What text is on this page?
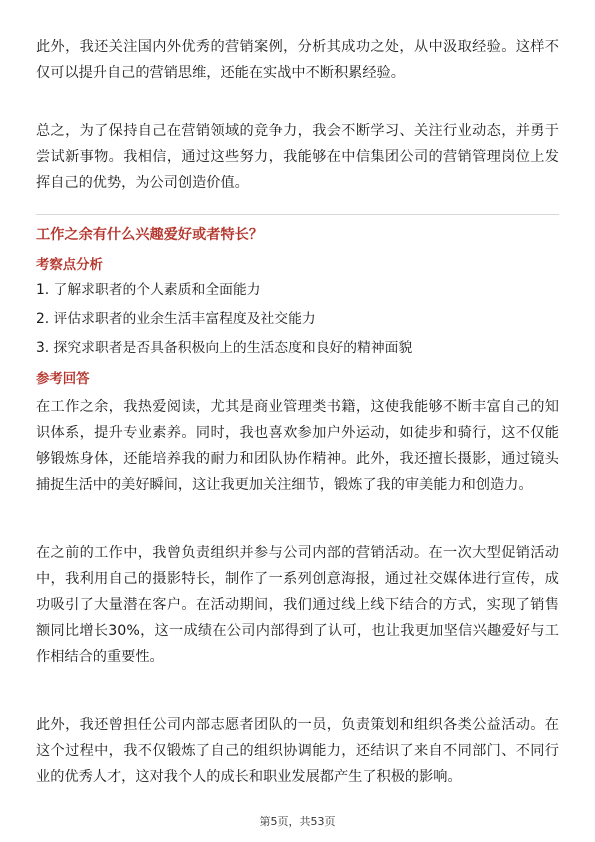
此外，我还关注国内外优秀的营销案例，分析其成功之处，从中汲取经验。这样不仅可以提升自己的营销思维，还能在实战中不断积累经验。

总之，为了保持自己在营销领域的竞争力，我会不断学习、关注行业动态，并勇于尝试新事物。我相信，通过这些努力，我能够在中信集团公司的营销管理岗位上发挥自己的优势，为公司创造价值。

工作之余有什么兴趣爱好或者特长？
考察点分析
1. 了解求职者的个人素质和全面能力
2. 评估求职者的业余生活丰富程度及社交能力
3. 探究求职者是否具备积极向上的生活态度和良好的精神面貌
参考回答

在工作之余，我热爱阅读，尤其是商业管理类书籍，这使我能够不断丰富自己的知识体系，提升专业素养。同时，我也喜欢参加户外运动，如徒步和骑行，这不仅能够锻炼身体，还能培养我的耐力和团队协作精神。此外，我还擅长摄影，通过镜头捕捉生活中的美好瞬间，这让我更加关注细节，锻炼了我的审美能力和创造力。

在之前的工作中，我曾负责组织并参与公司内部的营销活动。在一次大型促销活动中，我利用自己的摄影特长，制作了一系列创意海报，通过社交媒体进行宣传，成功吸引了大量潜在客户。在活动期间，我们通过线上线下结合的方式，实现了销售额同比增长30%，这一成绩在公司内部得到了认可，也让我更加坚信兴趣爱好与工作相结合的重要性。

此外，我还曾担任公司内部志愿者团队的一员，负责策划和组织各类公益活动。在这个过程中，我不仅锻炼了自己的组织协调能力，还结识了来自不同部门、不同行业的优秀人才，这对我个人的成长和职业发展都产生了积极的影响。

第5页，共53页
